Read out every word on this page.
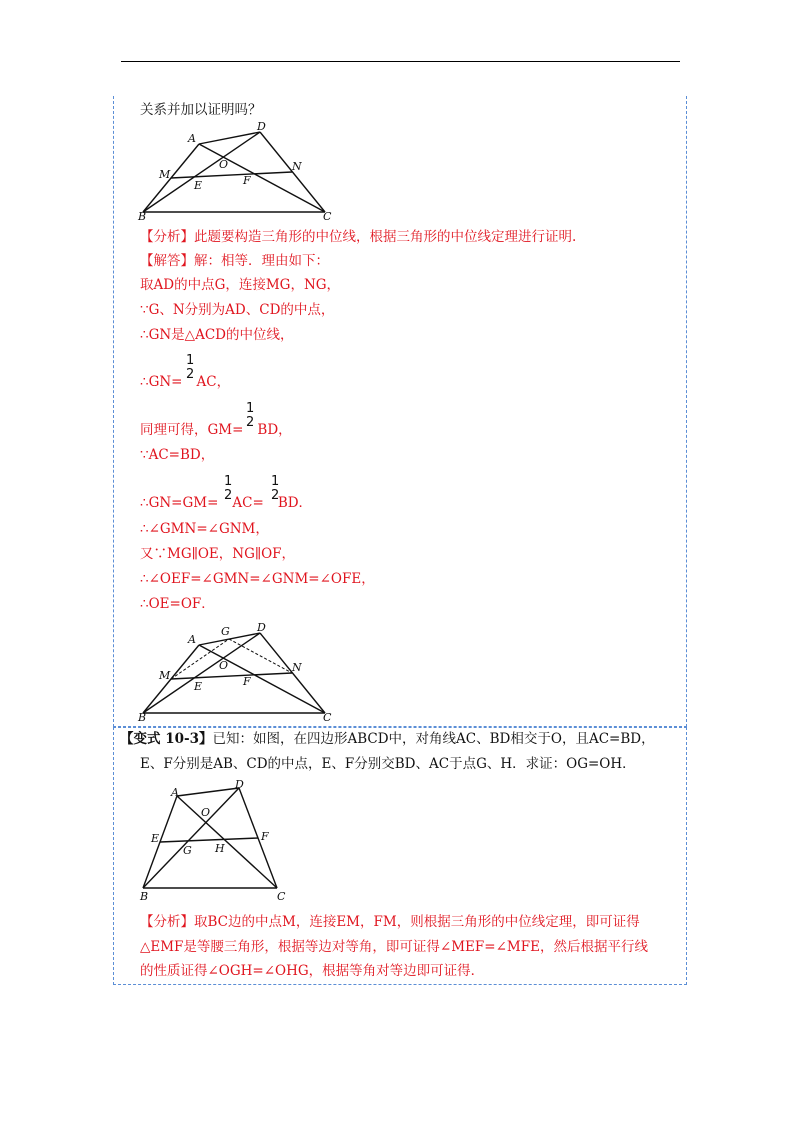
关系并加以证明吗？
A
D
M
O	N
E	F
B	C
【分析】此题要构造三角形的中位线，根据三角形的中位线定理进行证明.
【解答】解：相等．理由如下：
取AD的中点G，连接MG，NG，
∵G、N分别为AD、CD的中点，
∴GN是△ACD的中位线，
∴GN= AC，
1
2
同理可得，GM= BD，
1
2
∵AC=BD，
∴GN=GM= AC= BD．
1
2
1
2
∴∠GMN=∠GNM，
又∵MG∥OE，NG∥OF，
∴∠OEF=∠GMN=∠GNM=∠OFE，
∴OE=OF．
A
G D
M
O	N
E	F
B	C
【变式 10-3】已知：如图，在四边形ABCD中，对角线AC、BD相交于O，且AC=BD，
E、F分别是AB、CD的中点，E、F分别交BD、AC于点G、H．求证：OG=OH．
A
D
O
E	F
G H
B	C
【分析】取BC边的中点M，连接EM，FM，则根据三角形的中位线定理，即可证得
△EMF是等腰三角形，根据等边对等角，即可证得∠MEF=∠MFE，然后根据平行线
的性质证得∠OGH=∠OHG，根据等角对等边即可证得．
